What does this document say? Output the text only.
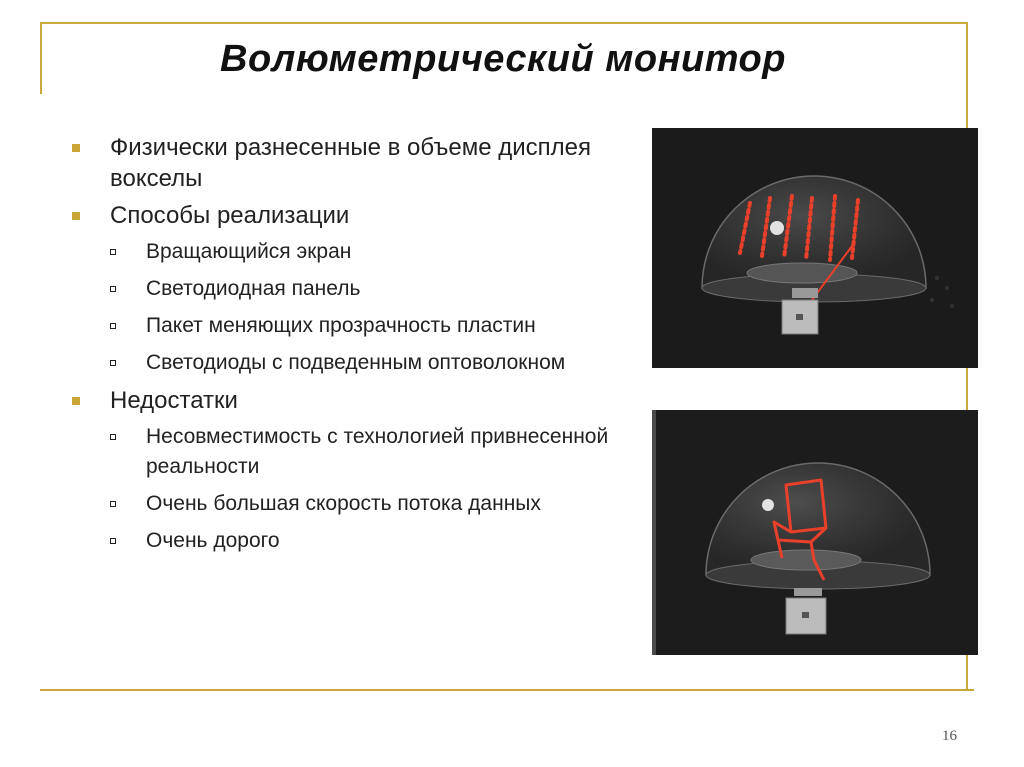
Волюметрический монитор
Физически разнесенные в объеме дисплея вокселы
Способы реализации
Вращающийся экран
Светодиодная панель
Пакет меняющих прозрачность пластин
Светодиоды с подведенным оптоволокном
Недостатки
Несовместимость с технологией привнесенной реальности
Очень большая скорость потока данных
Очень дорого
16
